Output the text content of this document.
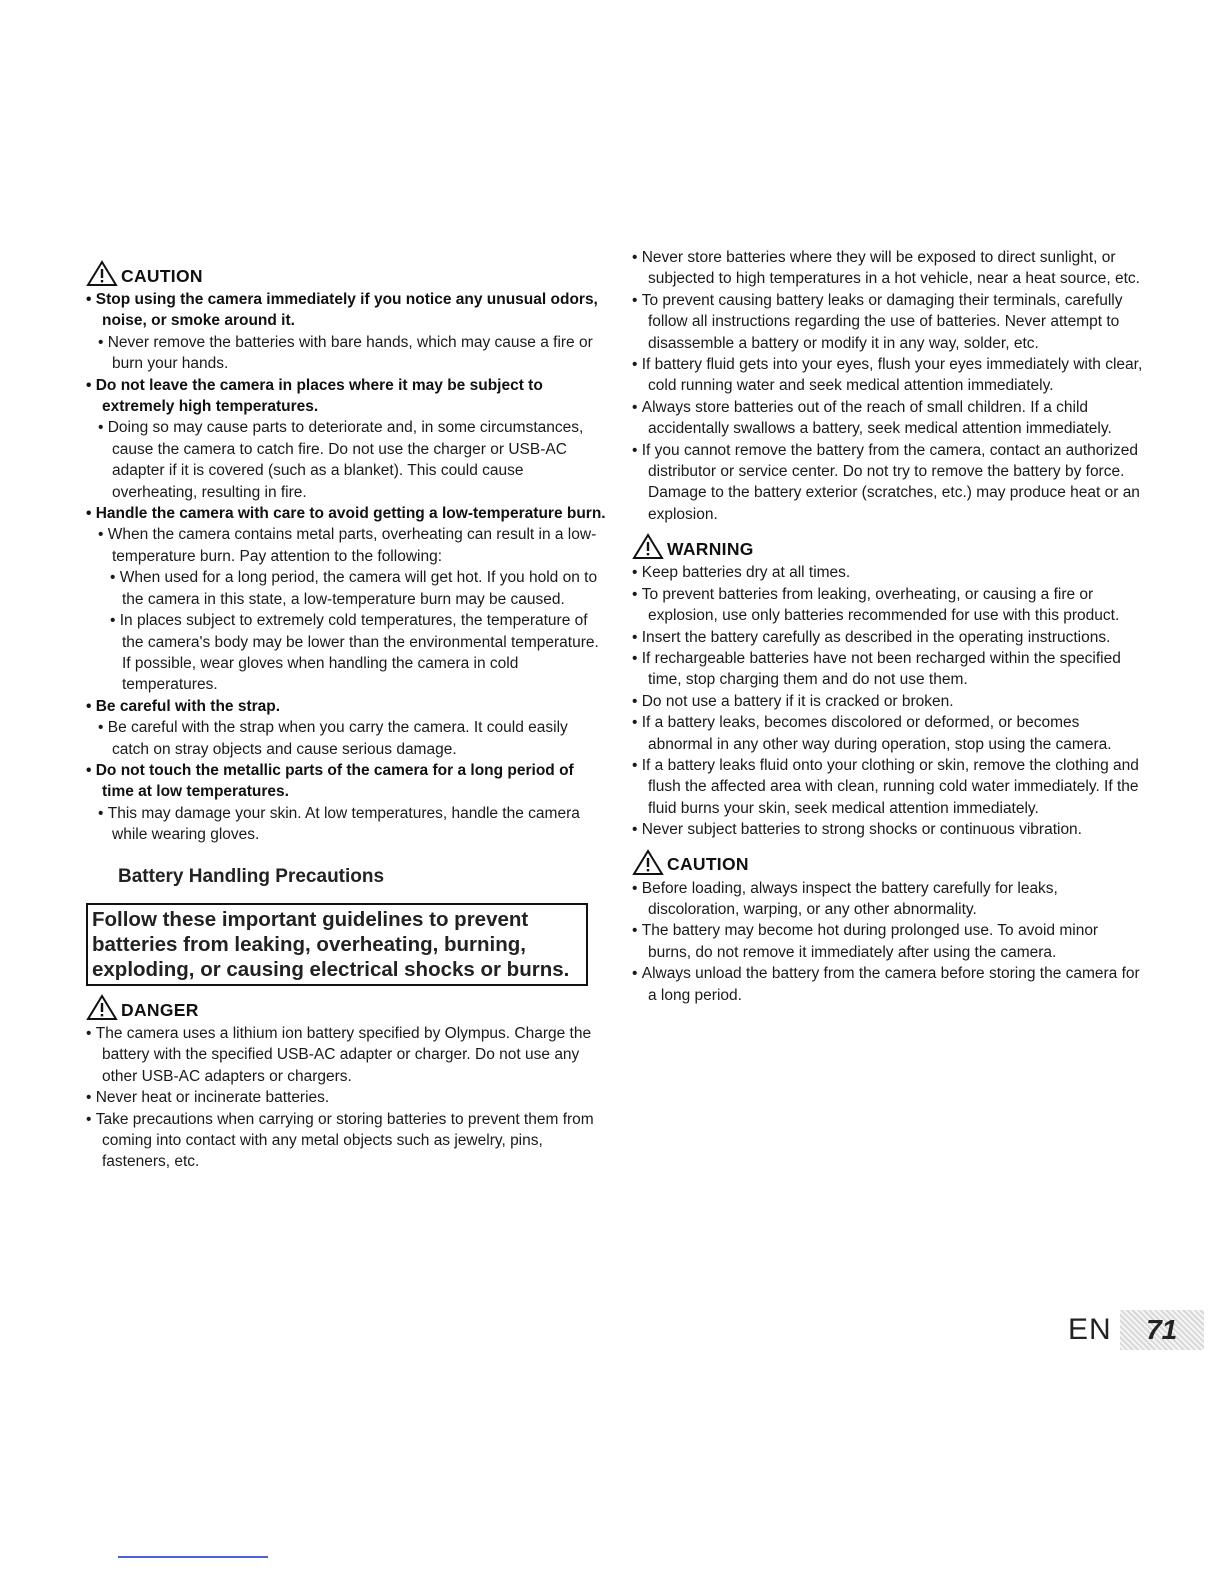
CAUTION

• Stop using the camera immediately if you notice any unusual odors, noise, or smoke around it.

• Never remove the batteries with bare hands, which may cause a fire or burn your hands.

• Do not leave the camera in places where it may be subject to extremely high temperatures.

• Doing so may cause parts to deteriorate and, in some circumstances, cause the camera to catch fire. Do not use the charger or USB-AC adapter if it is covered (such as a blanket). This could cause overheating, resulting in fire.

• Handle the camera with care to avoid getting a low-temperature burn.

• When the camera contains metal parts, overheating can result in a low-temperature burn. Pay attention to the following:

• When used for a long period, the camera will get hot. If you hold on to the camera in this state, a low-temperature burn may be caused.

• In places subject to extremely cold temperatures, the temperature of the camera's body may be lower than the environmental temperature. If possible, wear gloves when handling the camera in cold temperatures.

• Be careful with the strap.

• Be careful with the strap when you carry the camera. It could easily catch on stray objects and cause serious damage.

• Do not touch the metallic parts of the camera for a long period of time at low temperatures.

• This may damage your skin. At low temperatures, handle the camera while wearing gloves.

Battery Handling Precautions
Follow these important guidelines to prevent batteries from leaking, overheating, burning, exploding, or causing electrical shocks or burns.
DANGER

• The camera uses a lithium ion battery specified by Olympus. Charge the battery with the specified USB-AC adapter or charger. Do not use any other USB-AC adapters or chargers.

• Never heat or incinerate batteries.

• Take precautions when carrying or storing batteries to prevent them from coming into contact with any metal objects such as jewelry, pins, fasteners, etc.

• Never store batteries where they will be exposed to direct sunlight, or subjected to high temperatures in a hot vehicle, near a heat source, etc.

• To prevent causing battery leaks or damaging their terminals, carefully follow all instructions regarding the use of batteries. Never attempt to disassemble a battery or modify it in any way, solder, etc.

• If battery fluid gets into your eyes, flush your eyes immediately with clear, cold running water and seek medical attention immediately.

• Always store batteries out of the reach of small children. If a child accidentally swallows a battery, seek medical attention immediately.

• If you cannot remove the battery from the camera, contact an authorized distributor or service center. Do not try to remove the battery by force.

Damage to the battery exterior (scratches, etc.) may produce heat or an explosion.

WARNING

• Keep batteries dry at all times.

• To prevent batteries from leaking, overheating, or causing a fire or explosion, use only batteries recommended for use with this product.

• Insert the battery carefully as described in the operating instructions.

• If rechargeable batteries have not been recharged within the specified time, stop charging them and do not use them.

• Do not use a battery if it is cracked or broken.

• If a battery leaks, becomes discolored or deformed, or becomes abnormal in any other way during operation, stop using the camera.

• If a battery leaks fluid onto your clothing or skin, remove the clothing and flush the affected area with clean, running cold water immediately. If the fluid burns your skin, seek medical attention immediately.

• Never subject batteries to strong shocks or continuous vibration.

CAUTION

• Before loading, always inspect the battery carefully for leaks, discoloration, warping, or any other abnormality.

• The battery may become hot during prolonged use. To avoid minor burns, do not remove it immediately after using the camera.

• Always unload the battery from the camera before storing the camera for a long period.

EN	71
